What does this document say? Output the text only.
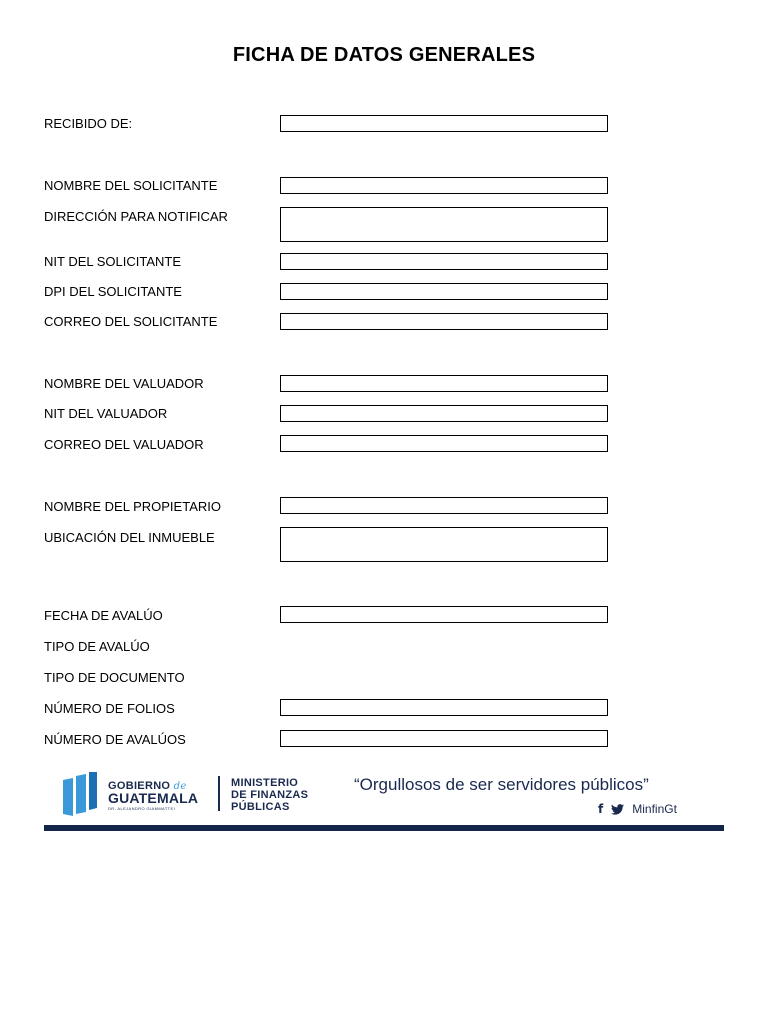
FICHA DE DATOS GENERALES
RECIBIDO DE:
NOMBRE DEL SOLICITANTE
DIRECCIÓN PARA NOTIFICAR
NIT DEL SOLICITANTE
DPI DEL SOLICITANTE
CORREO DEL SOLICITANTE
NOMBRE DEL VALUADOR
NIT DEL VALUADOR
CORREO DEL VALUADOR
NOMBRE DEL PROPIETARIO
UBICACIÓN DEL INMUEBLE
FECHA DE AVALÚO
TIPO DE AVALÚO
TIPO DE DOCUMENTO
NÚMERO DE FOLIOS
NÚMERO DE AVALÚOS
GOBIERNO de
GUATEMALA
DR. ALEJANDRO GIAMMATTEI
MINISTERIO
DE FINANZAS
PÚBLICAS
“Orgullosos de ser servidores públicos”
f MinfinGt
